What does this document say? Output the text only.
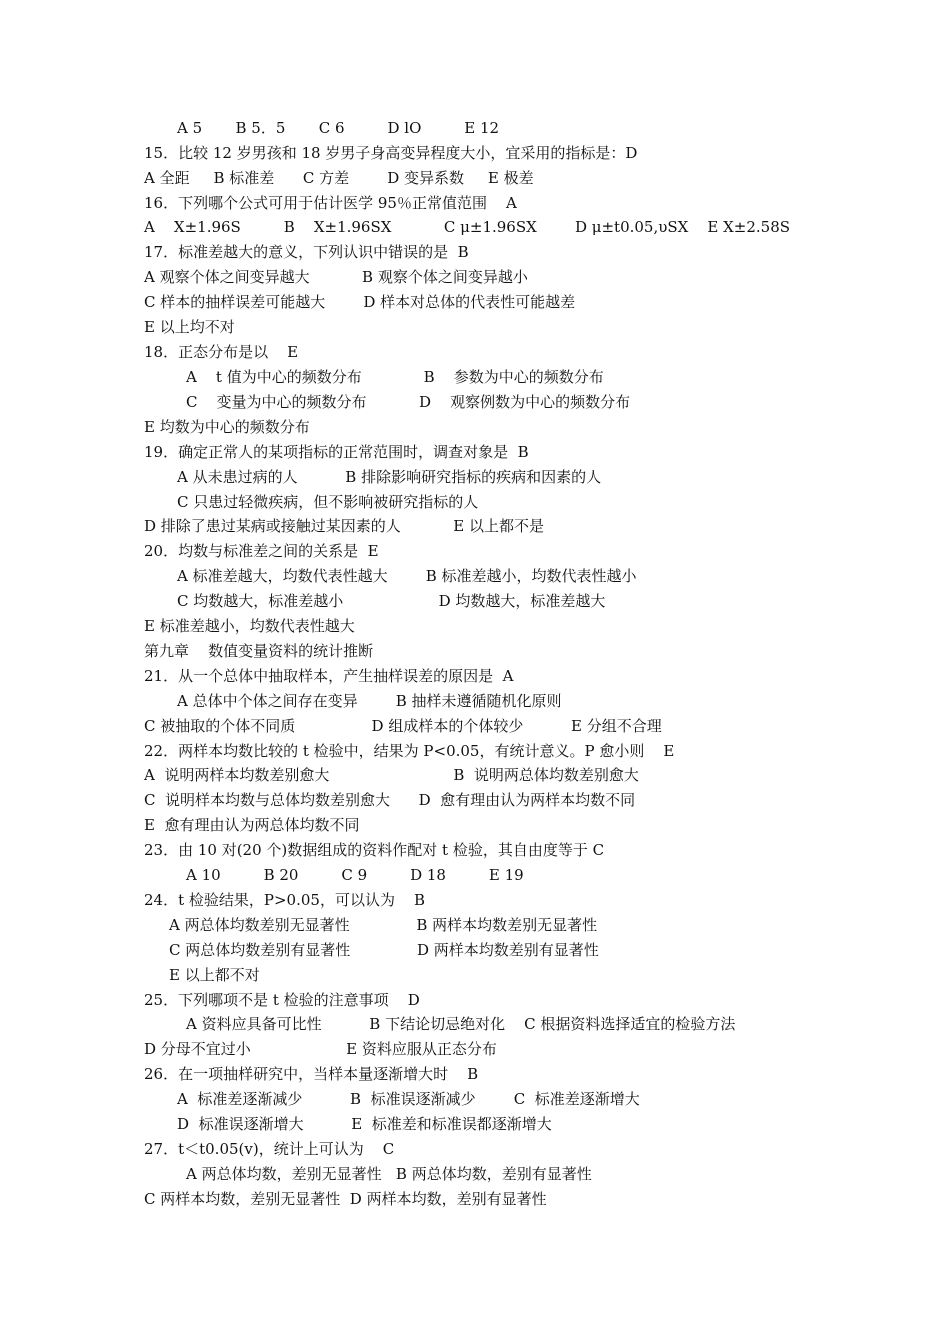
A 5       B 5．5       C 6         D lO         E 12
15．比较 12 岁男孩和 18 岁男子身高变异程度大小，宜采用的指标是：D
A 全距     B 标准差      C 方差        D 变异系数     E 极差
16．下列哪个公式可用于估计医学 95％正常值范围    A
A    X±1.96S         B    X±1.96SX           C μ±1.96SX        D μ±t0.05,υSX    E X±2.58S
17．标准差越大的意义，下列认识中错误的是  B
A 观察个体之间变异越大           B 观察个体之间变异越小
C 样本的抽样误差可能越大        D 样本对总体的代表性可能越差
E 以上均不对
18．正态分布是以    E
A    t 值为中心的频数分布             B    参数为中心的频数分布
C    变量为中心的频数分布           D    观察例数为中心的频数分布
E 均数为中心的频数分布
19．确定正常人的某项指标的正常范围时，调查对象是  B
A 从未患过病的人          B 排除影响研究指标的疾病和因素的人
C 只患过轻微疾病，但不影响被研究指标的人
D 排除了患过某病或接触过某因素的人           E 以上都不是
20．均数与标准差之间的关系是  E
A 标准差越大，均数代表性越大        B 标准差越小，均数代表性越小
C 均数越大，标准差越小                    D 均数越大，标准差越大
E 标准差越小，均数代表性越大
第九章    数值变量资料的统计推断
21．从一个总体中抽取样本，产生抽样误差的原因是  A
A 总体中个体之间存在变异        B 抽样未遵循随机化原则
C 被抽取的个体不同质                D 组成样本的个体较少          E 分组不合理
22．两样本均数比较的 t 检验中，结果为 P<0.05，有统计意义。P 愈小则    E
A  说明两样本均数差别愈大                          B  说明两总体均数差别愈大
C  说明样本均数与总体均数差别愈大      D  愈有理由认为两样本均数不同
E  愈有理由认为两总体均数不同
23．由 10 对(20 个)数据组成的资料作配对 t 检验，其自由度等于 C
A 10         B 20         C 9         D 18         E 19
24．t 检验结果，P>0.05，可以认为    B
A 两总体均数差别无显著性              B 两样本均数差别无显著性
C 两总体均数差别有显著性              D 两样本均数差别有显著性
E 以上都不对
25．下列哪项不是 t 检验的注意事项    D
A 资料应具备可比性          B 下结论切忌绝对化    C 根据资料选择适宜的检验方法
D 分母不宜过小                    E 资料应服从正态分布
26．在一项抽样研究中，当样本量逐渐增大时    B
A  标准差逐渐减少          B  标准误逐渐减少        C  标准差逐渐增大
D  标准误逐渐增大          E  标准差和标准误都逐渐增大
27．t＜t0.05(v)，统计上可认为    C
A 两总体均数，差别无显著性   B 两总体均数，差别有显著性
C 两样本均数，差别无显著性  D 两样本均数，差别有显著性
